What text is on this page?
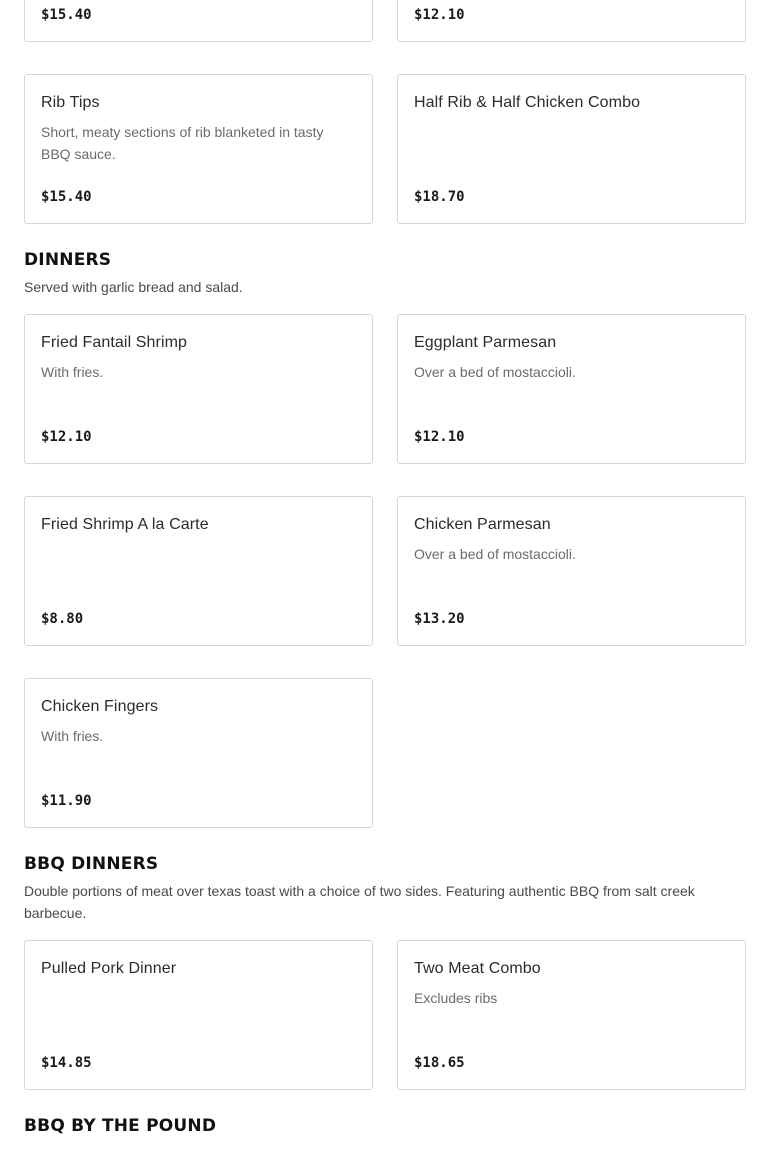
$15.40	$12.10
Rib Tips
Short, meaty sections of rib blanketed in tasty BBQ sauce.
$15.40
Half Rib & Half Chicken Combo
$18.70
DINNERS
Served with garlic bread and salad.
Fried Fantail Shrimp
With fries.
$12.10
Eggplant Parmesan
Over a bed of mostaccioli.
$12.10
Fried Shrimp A la Carte
$8.80
Chicken Parmesan
Over a bed of mostaccioli.
$13.20
Chicken Fingers
With fries.
$11.90
BBQ DINNERS
Double portions of meat over texas toast with a choice of two sides. Featuring authentic BBQ from salt creek barbecue.
Pulled Pork Dinner
$14.85
Two Meat Combo
Excludes ribs
$18.65
BBQ BY THE POUND
